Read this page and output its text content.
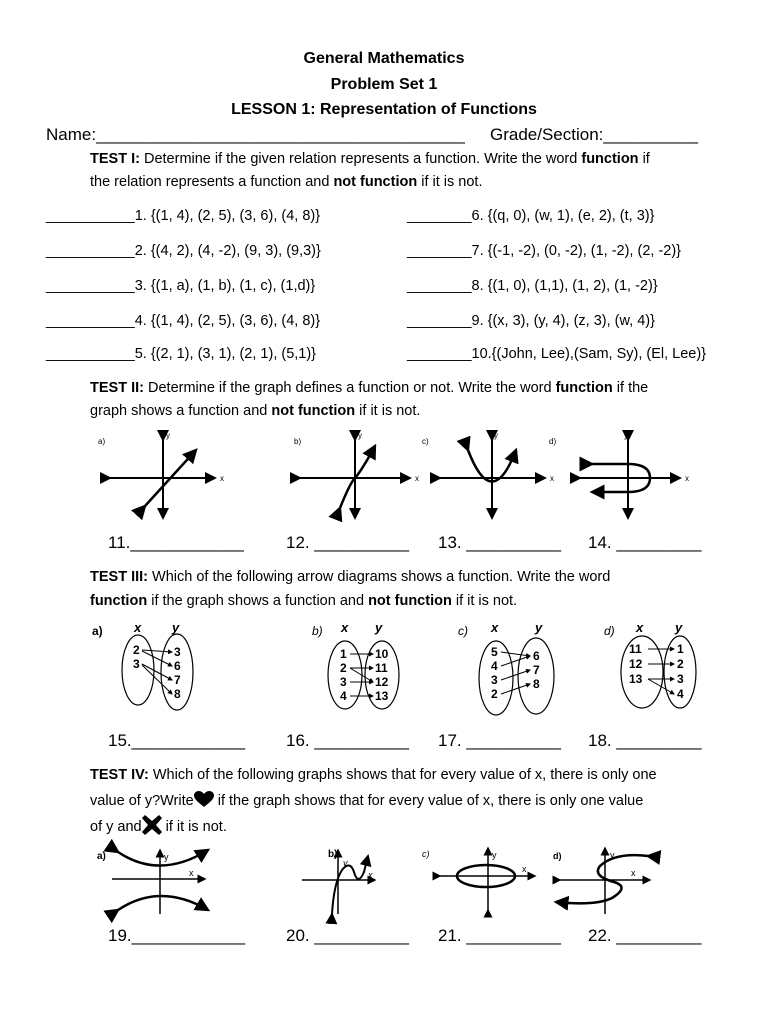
General Mathematics
Problem Set 1
LESSON 1: Representation of Functions
Name:_______________________________________ Grade/Section:__________
TEST I: Determine if the given relation represents a function. Write the word function if
the relation represents a function and not function if it is not.
___________1. {(1, 4), (2, 5), (3, 6), (4, 8)}
___________2. {(4, 2), (4, -2), (9, 3), (9,3)}
___________3. {(1, a), (1, b), (1, c), (1,d)}
___________4. {(1, 4), (2, 5), (3, 6), (4, 8)}
___________5. {(2, 1), (3, 1), (2, 1), (5,1)}
________6. {(q, 0), (w, 1), (e, 2), (t, 3)}
________7. {(-1, -2), (0, -2), (1, -2), (2, -2)}
________8. {(1, 0), (1,1), (1, 2), (1, -2)}
________9. {(x, 3), (y, 4), (z, 3), (w, 4)}
________10.{(John, Lee),(Sam, Sy), (El, Lee)}
TEST II: Determine if the graph defines a function or not. Write the word function if the
graph shows a function and not function if it is not.
a)
x
y
b)
x
y
c)
x
y
d)
x
y
11.____________ 12. __________ 13. __________ 14. _________
TEST III: Which of the following arrow diagrams shows a function. Write the word
function if the graph shows a function and not function if it is not.
a) x y
2
3
3
6
7
8
b) x y
1
2
3
4
10
11
12
13
c) x	y
5
4
3
2
6
7
8
d) x y
11
12
13
1
2
3
4
15.____________ 16. __________ 17. __________ 18. _________
TEST IV: Which of the following graphs shows that for every value of x, there is only one
value of y?Write if the graph shows that for every value of x, there is only one value
of y and if it is not.
a)
x
y	b)
x
y
c)
x
y	d)
x
y
19.____________ 20. __________ 21. __________ 22. _________
